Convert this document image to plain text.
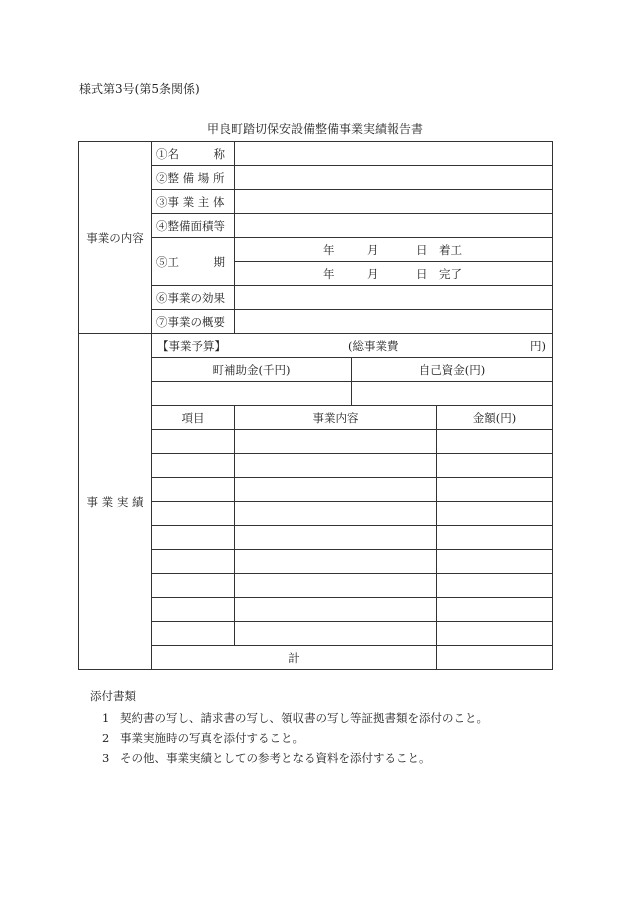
様式第3号(第5条関係)
甲良町踏切保安設備整備事業実績報告書
事業の内容	①名　　　称			
	②整 備 場 所			
	③事 業 主 体			
	④整備面積等			
	⑤工　　　期	年 月 日 着工		

		年 月 日 完了		

	⑥事業の効果			
	⑦事業の概要			
事 業 実 績	【事業予算】 (総事業費 円)			

	町補助金(千円)		自己資金(円)	

	項目	事業内容		金額(円)

	計			
添付書類
1 契約書の写し、請求書の写し、領収書の写し等証拠書類を添付のこと。
2 事業実施時の写真を添付すること。
3 その他、事業実績としての参考となる資料を添付すること。
